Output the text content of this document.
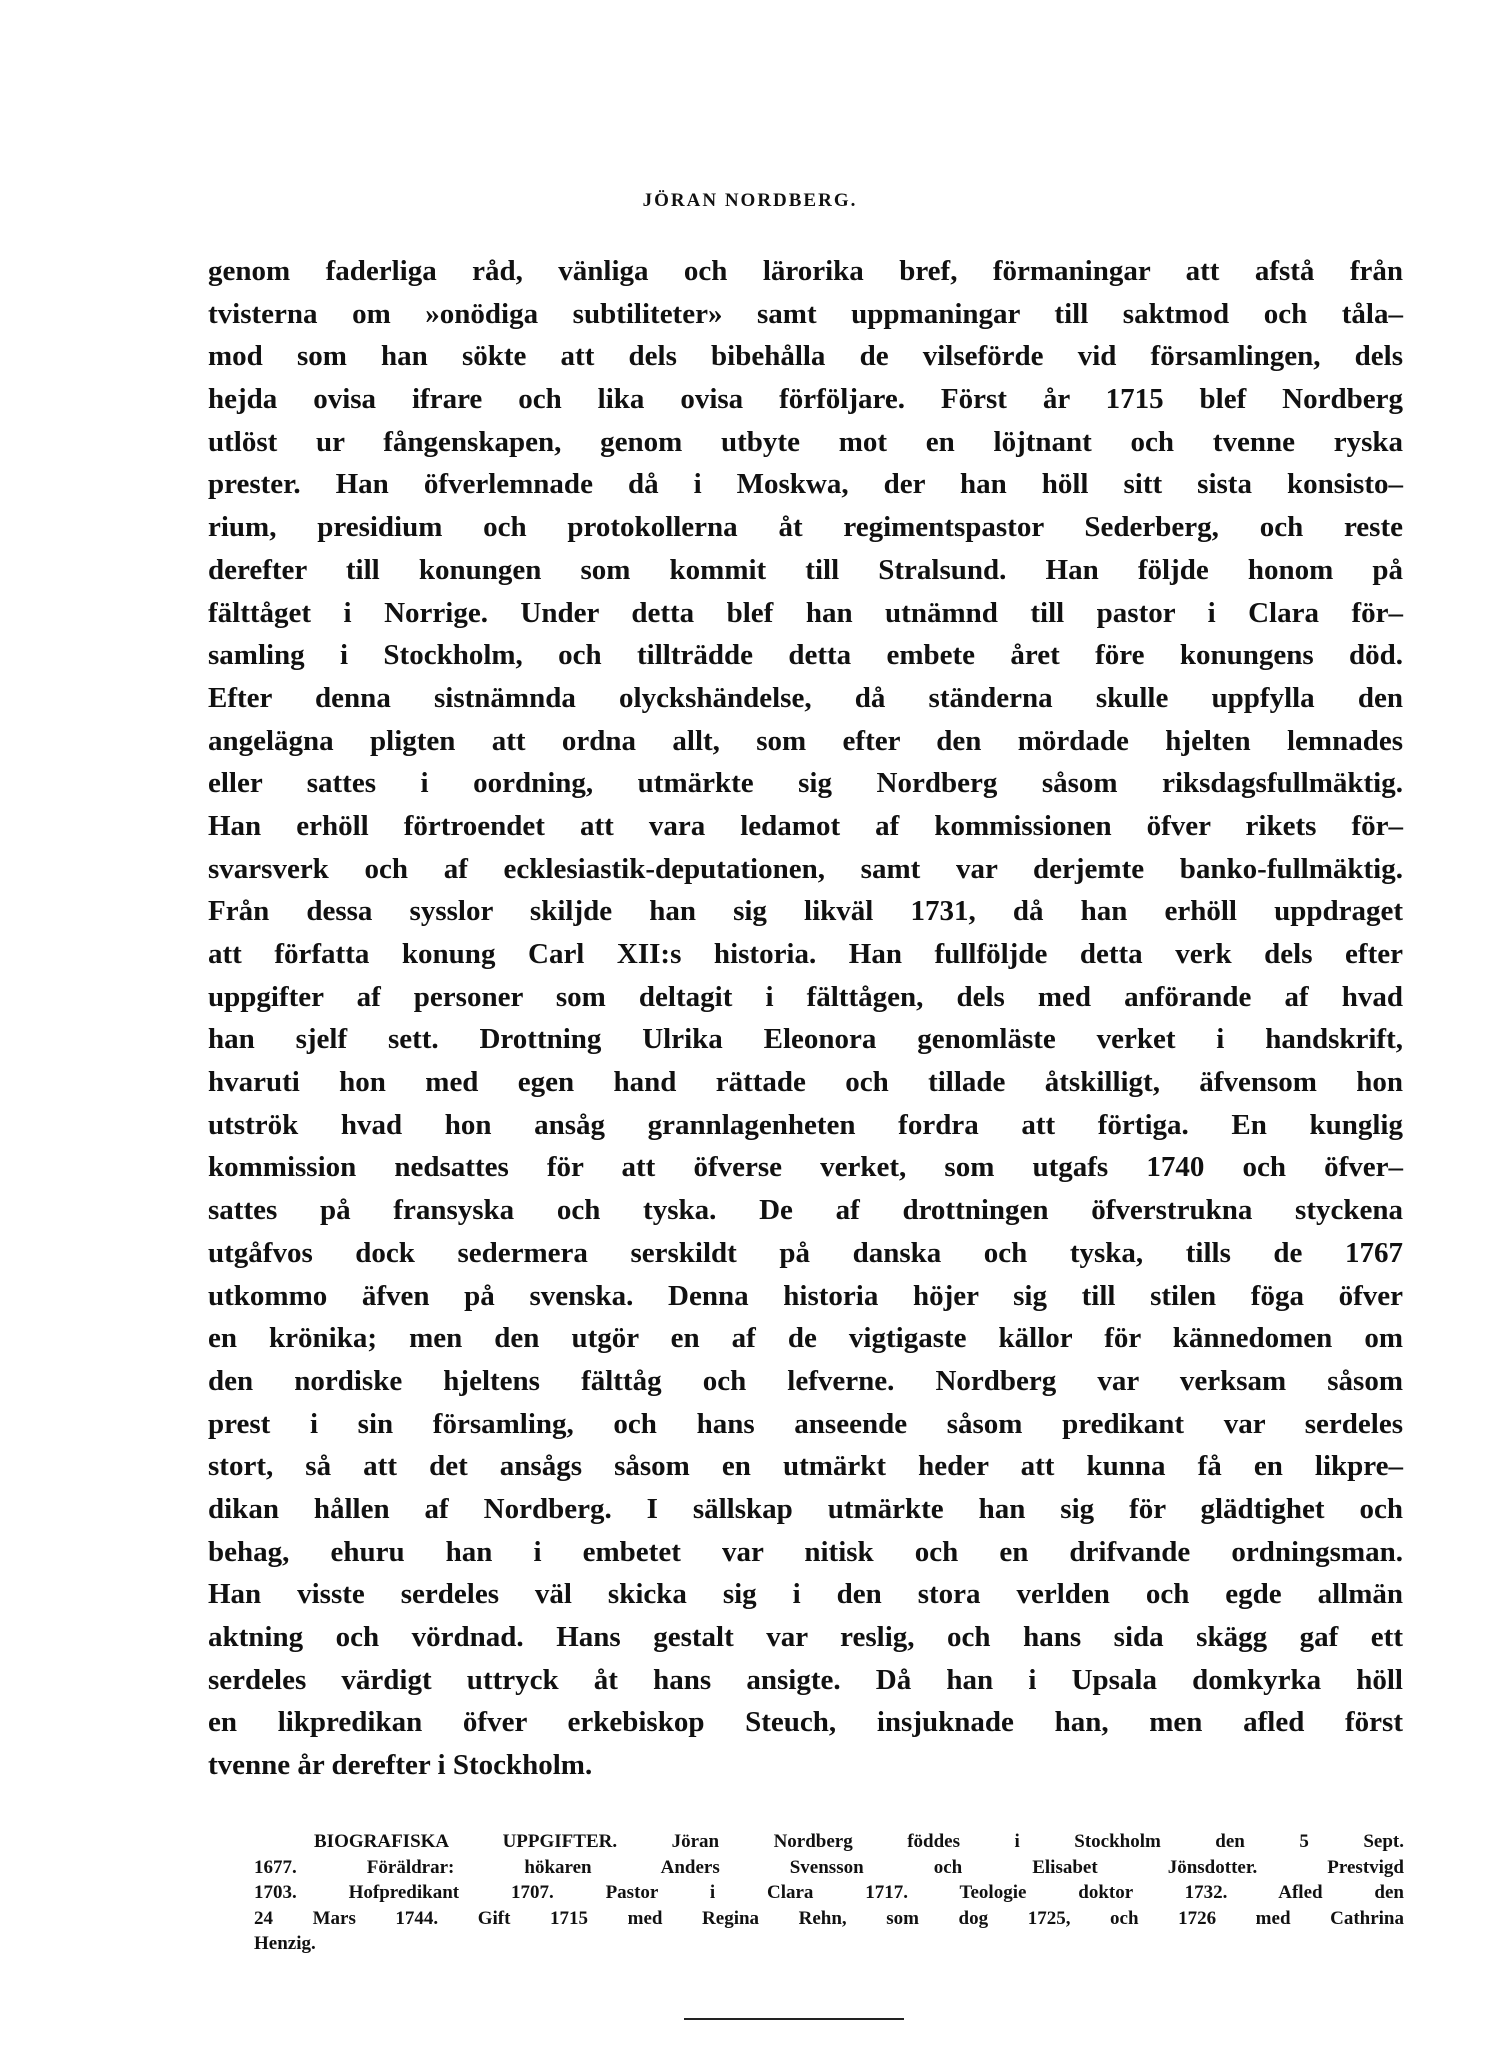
JÖRAN NORDBERG.
genom faderliga råd, vänliga och lärorika bref, förmaningar att afstå från
tvisterna om »onödiga subtiliteter» samt uppmaningar till saktmod och tåla–
mod som han sökte att dels bibehålla de vilseförde vid församlingen, dels
hejda ovisa ifrare och lika ovisa förföljare. Först år 1715 blef Nordberg
utlöst ur fångenskapen, genom utbyte mot en löjtnant och tvenne ryska
prester. Han öfverlemnade då i Moskwa, der han höll sitt sista konsisto–
rium, presidium och protokollerna åt regimentspastor Sederberg, och reste
derefter till konungen som kommit till Stralsund. Han följde honom på
fälttåget i Norrige. Under detta blef han utnämnd till pastor i Clara för–
samling i Stockholm, och tillträdde detta embete året före konungens död.
Efter denna sistnämnda olyckshändelse, då ständerna skulle uppfylla den
angelägna pligten att ordna allt, som efter den mördade hjelten lemnades
eller sattes i oordning, utmärkte sig Nordberg såsom riksdagsfullmäktig.
Han erhöll förtroendet att vara ledamot af kommissionen öfver rikets för–
svarsverk och af ecklesiastik-deputationen, samt var derjemte banko-fullmäktig.
Från dessa sysslor skiljde han sig likväl 1731, då han erhöll uppdraget
att författa konung Carl XII:s historia. Han fullföljde detta verk dels efter
uppgifter af personer som deltagit i fälttågen, dels med anförande af hvad
han sjelf sett. Drottning Ulrika Eleonora genomläste verket i handskrift,
hvaruti hon med egen hand rättade och tillade åtskilligt, äfvensom hon
utströk hvad hon ansåg grannlagenheten fordra att förtiga. En kunglig
kommission nedsattes för att öfverse verket, som utgafs 1740 och öfver–
sattes på fransyska och tyska. De af drottningen öfverstrukna styckena
utgåfvos dock sedermera serskildt på danska och tyska, tills de 1767
utkommo äfven på svenska. Denna historia höjer sig till stilen föga öfver
en krönika; men den utgör en af de vigtigaste källor för kännedomen om
den nordiske hjeltens fälttåg och lefverne. Nordberg var verksam såsom
prest i sin församling, och hans anseende såsom predikant var serdeles
stort, så att det ansågs såsom en utmärkt heder att kunna få en likpre–
dikan hållen af Nordberg. I sällskap utmärkte han sig för glädtighet och
behag, ehuru han i embetet var nitisk och en drifvande ordningsman.
Han visste serdeles väl skicka sig i den stora verlden och egde allmän
aktning och vördnad. Hans gestalt var reslig, och hans sida skägg gaf ett
serdeles värdigt uttryck åt hans ansigte. Då han i Upsala domkyrka höll
en likpredikan öfver erkebiskop Steuch, insjuknade han, men afled först
tvenne år derefter i Stockholm.
BIOGRAFISKA UPPGIFTER. Jöran Nordberg föddes i Stockholm den 5 Sept.
1677. Föräldrar: hökaren Anders Svensson och Elisabet Jönsdotter. Prestvigd
1703. Hofpredikant 1707. Pastor i Clara 1717. Teologie doktor 1732. Afled den
24 Mars 1744. Gift 1715 med Regina Rehn, som dog 1725, och 1726 med Cathrina
Henzig.
